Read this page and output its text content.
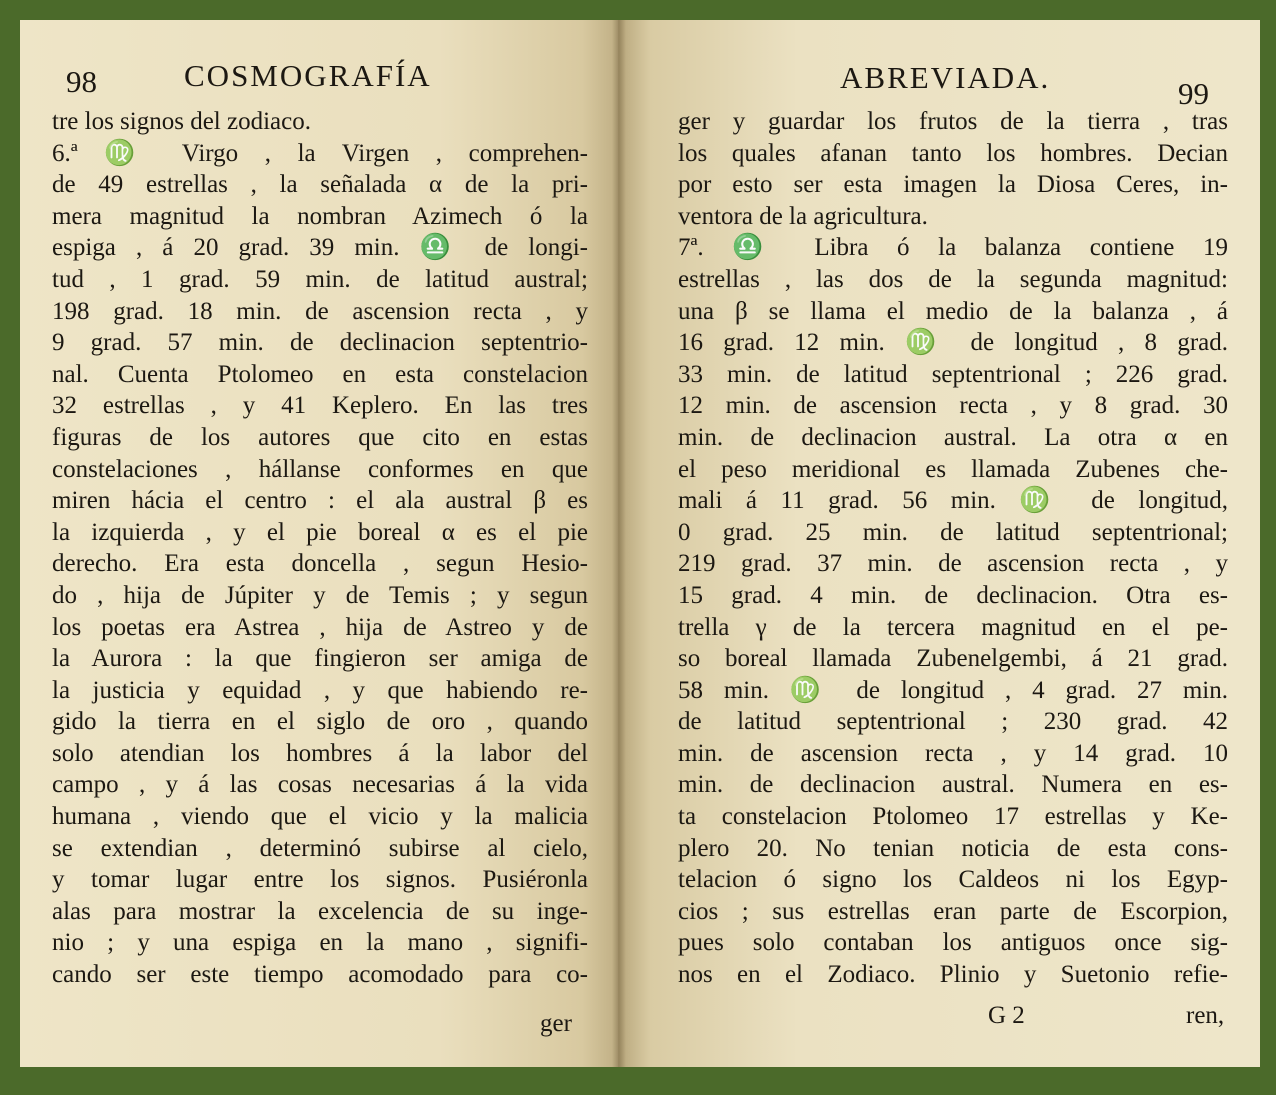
98	COSMOGRAFÍA
tre los signos del zodiaco.
6.ª ♍ Virgo , la Virgen , comprehen-
de 49 estrellas , la señalada α de la pri-
mera magnitud la nombran Azimech ó la
espiga , á 20 grad. 39 min. ♎ de longi-
tud , 1 grad. 59 min. de latitud austral;
198 grad. 18 min. de ascension recta , y
9 grad. 57 min. de declinacion septentrio-
nal. Cuenta Ptolomeo en esta constelacion
32 estrellas , y 41 Keplero. En las tres
figuras de los autores que cito en estas
constelaciones , hállanse conformes en que
miren hácia el centro : el ala austral β es
la izquierda , y el pie boreal α es el pie
derecho. Era esta doncella , segun Hesio-
do , hija de Júpiter y de Temis ; y segun
los poetas era Astrea , hija de Astreo y de
la Aurora : la que fingieron ser amiga de
la justicia y equidad , y que habiendo re-
gido la tierra en el siglo de oro , quando
solo atendian los hombres á la labor del
campo , y á las cosas necesarias á la vida
humana , viendo que el vicio y la malicia
se extendian , determinó subirse al cielo,
y tomar lugar entre los signos. Pusiéronla
alas para mostrar la excelencia de su inge-
nio ; y una espiga en la mano , signifi-
cando ser este tiempo acomodado para co-
ger
ABREVIADA.	99
ger y guardar los frutos de la tierra , tras
los quales afanan tanto los hombres. Decian
por esto ser esta imagen la Diosa Ceres, in-
ventora de la agricultura.
7ª. ♎ Libra ó la balanza contiene 19
estrellas , las dos de la segunda magnitud:
una β se llama el medio de la balanza , á
16 grad. 12 min. ♍ de longitud , 8 grad.
33 min. de latitud septentrional ; 226 grad.
12 min. de ascension recta , y 8 grad. 30
min. de declinacion austral. La otra α en
el peso meridional es llamada Zubenes che-
mali á 11 grad. 56 min. ♍ de longitud,
0 grad. 25 min. de latitud septentrional;
219 grad. 37 min. de ascension recta , y
15 grad. 4 min. de declinacion. Otra es-
trella γ de la tercera magnitud en el pe-
so boreal llamada Zubenelgembi, á 21 grad.
58 min. ♍ de longitud , 4 grad. 27 min.
de latitud septentrional ; 230 grad. 42
min. de ascension recta , y 14 grad. 10
min. de declinacion austral. Numera en es-
ta constelacion Ptolomeo 17 estrellas y Ke-
plero 20. No tenian noticia de esta cons-
telacion ó signo los Caldeos ni los Egyp-
cios ; sus estrellas eran parte de Escorpion,
pues solo contaban los antiguos once sig-
nos en el Zodiaco. Plinio y Suetonio refie-
G 2	ren,
